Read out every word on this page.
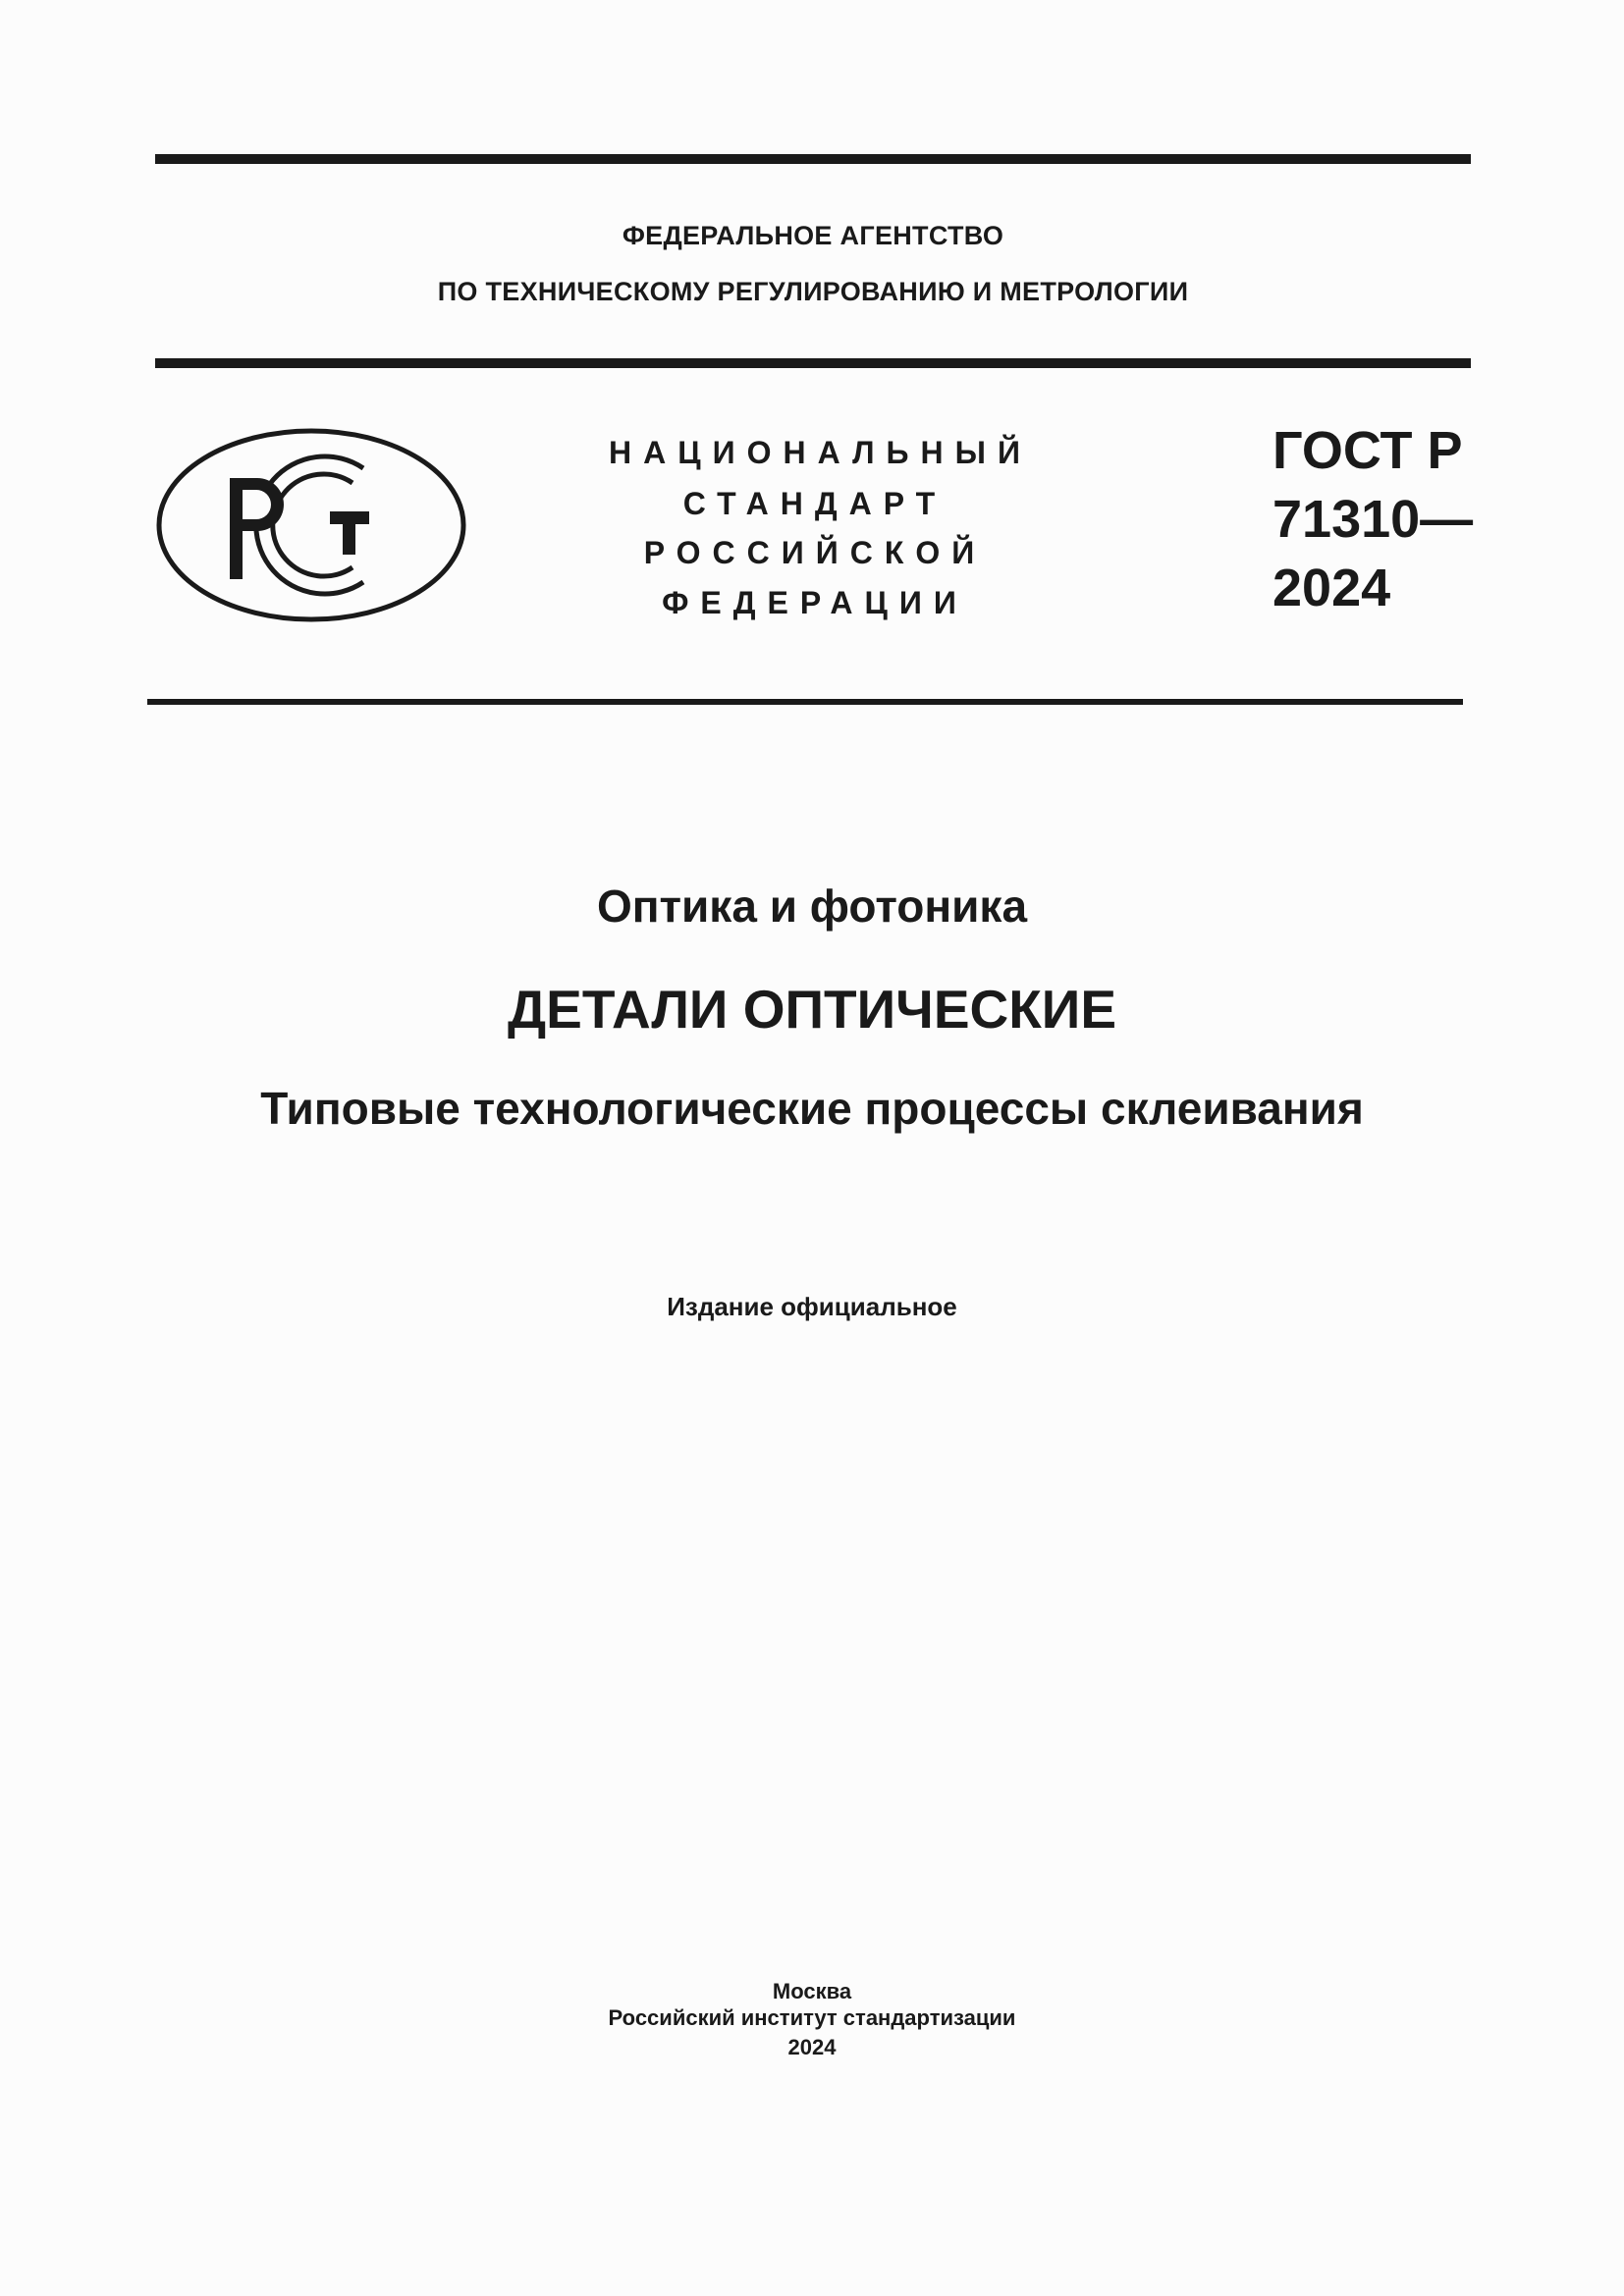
ФЕДЕРАЛЬНОЕ АГЕНТСТВО
ПО ТЕХНИЧЕСКОМУ РЕГУЛИРОВАНИЮ И МЕТРОЛОГИИ
НАЦИОНАЛЬНЫЙ
СТАНДАРТ
РОССИЙСКОЙ
ФЕДЕРАЦИИ
ГОСТ Р
71310—
2024
Оптика и фотоника
ДЕТАЛИ ОПТИЧЕСКИЕ
Типовые технологические процессы склеивания
Издание официальное
Москва
Российский институт стандартизации
2024
